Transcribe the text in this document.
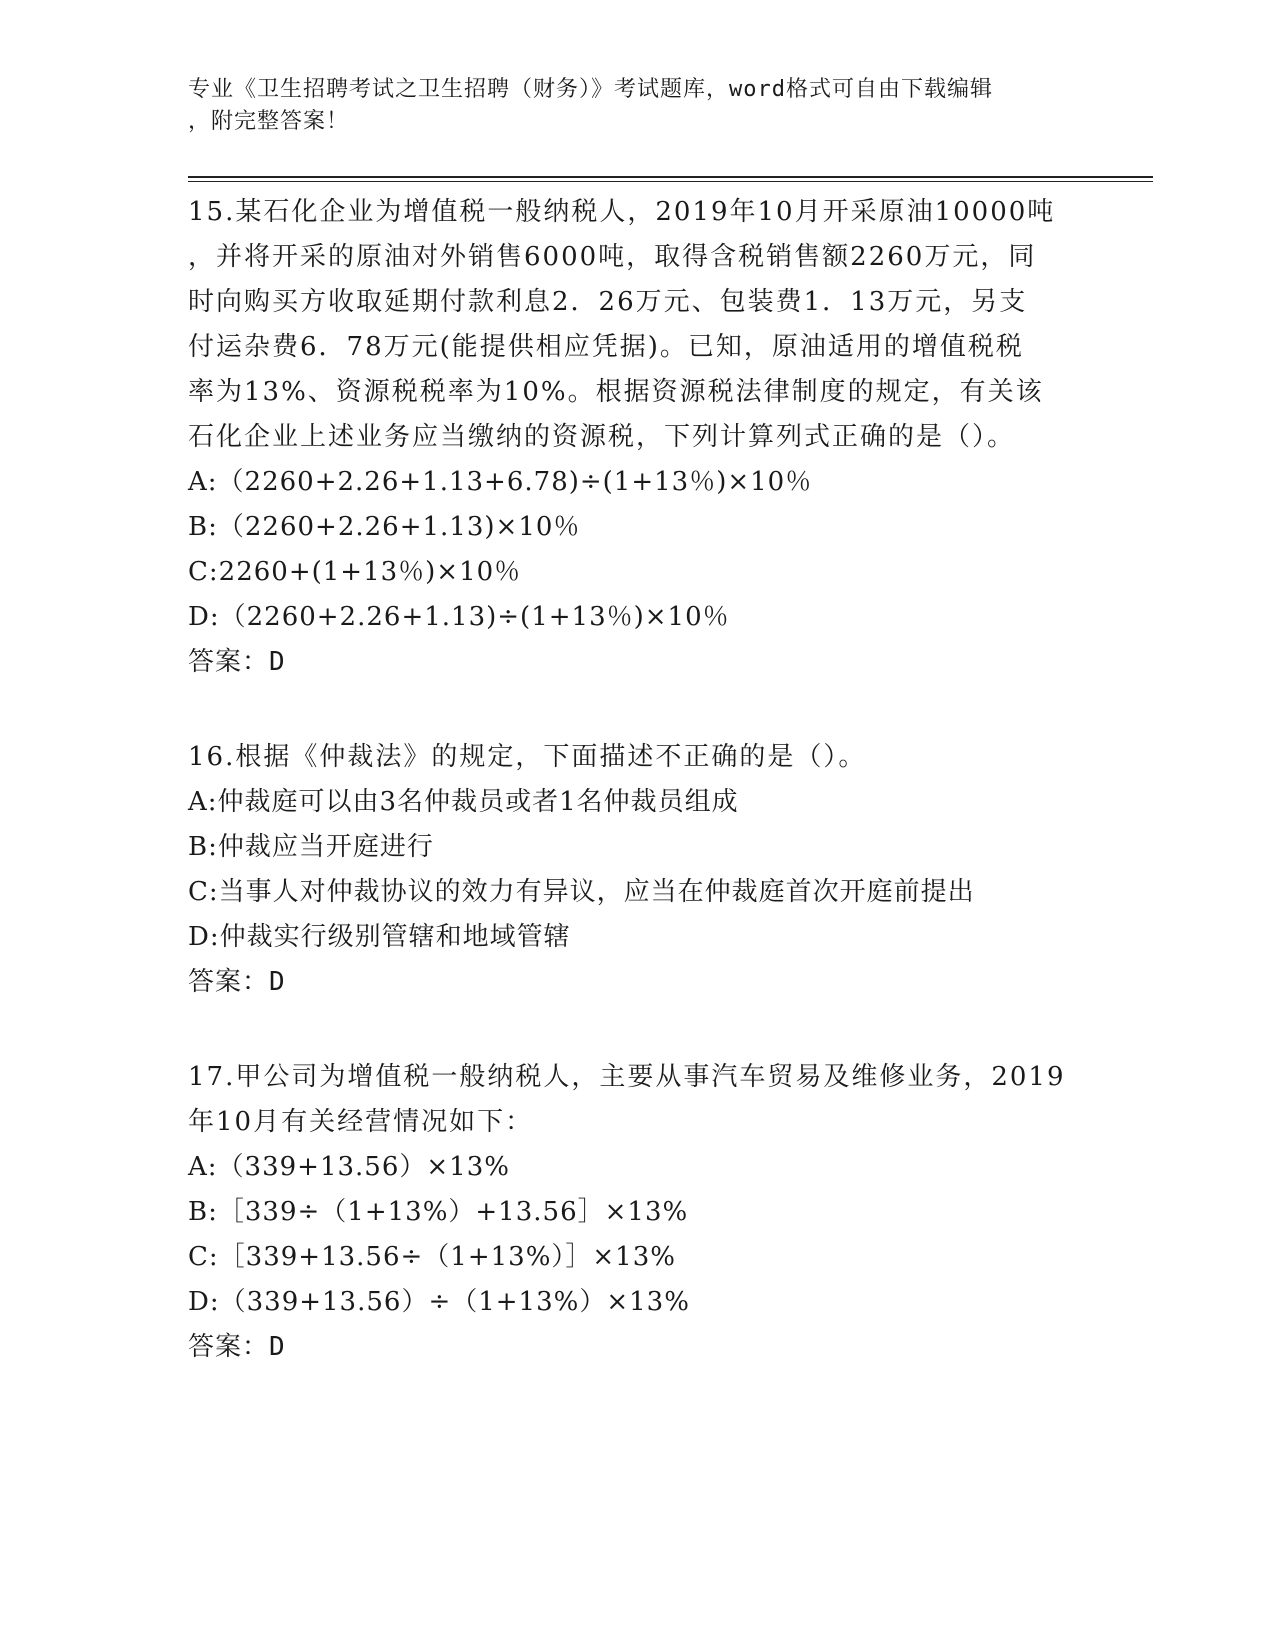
专业《卫生招聘考试之卫生招聘（财务）》考试题库，word格式可自由下载编辑
，附完整答案！
15.某石化企业为增值税一般纳税人，2019年10月开采原油10000吨
，并将开采的原油对外销售6000吨，取得含税销售额2260万元，同
时向购买方收取延期付款利息2．26万元、包装费1．13万元，另支
付运杂费6．78万元(能提供相应凭据)。已知，原油适用的增值税税
率为13%、资源税税率为10%。根据资源税法律制度的规定，有关该
石化企业上述业务应当缴纳的资源税，下列计算列式正确的是（）。
A:（2260+2.26+1.13+6.78)÷(1+13％)×10％
B:（2260+2.26+1.13)×10％
C:2260+(1+13％)×10％
D:（2260+2.26+1.13)÷(1+13％)×10％
答案：D
16.根据《仲裁法》的规定，下面描述不正确的是（）。
A:仲裁庭可以由3名仲裁员或者1名仲裁员组成
B:仲裁应当开庭进行
C:当事人对仲裁协议的效力有异议，应当在仲裁庭首次开庭前提出
D:仲裁实行级别管辖和地域管辖
答案：D
17.甲公司为增值税一般纳税人，主要从事汽车贸易及维修业务，2019
年10月有关经营情况如下：
A:（339+13.56）×13%
B:［339÷（1+13%）+13.56］×13%
C:［339+13.56÷（1+13%）］×13%
D:（339+13.56）÷（1+13%）×13%
答案：D
